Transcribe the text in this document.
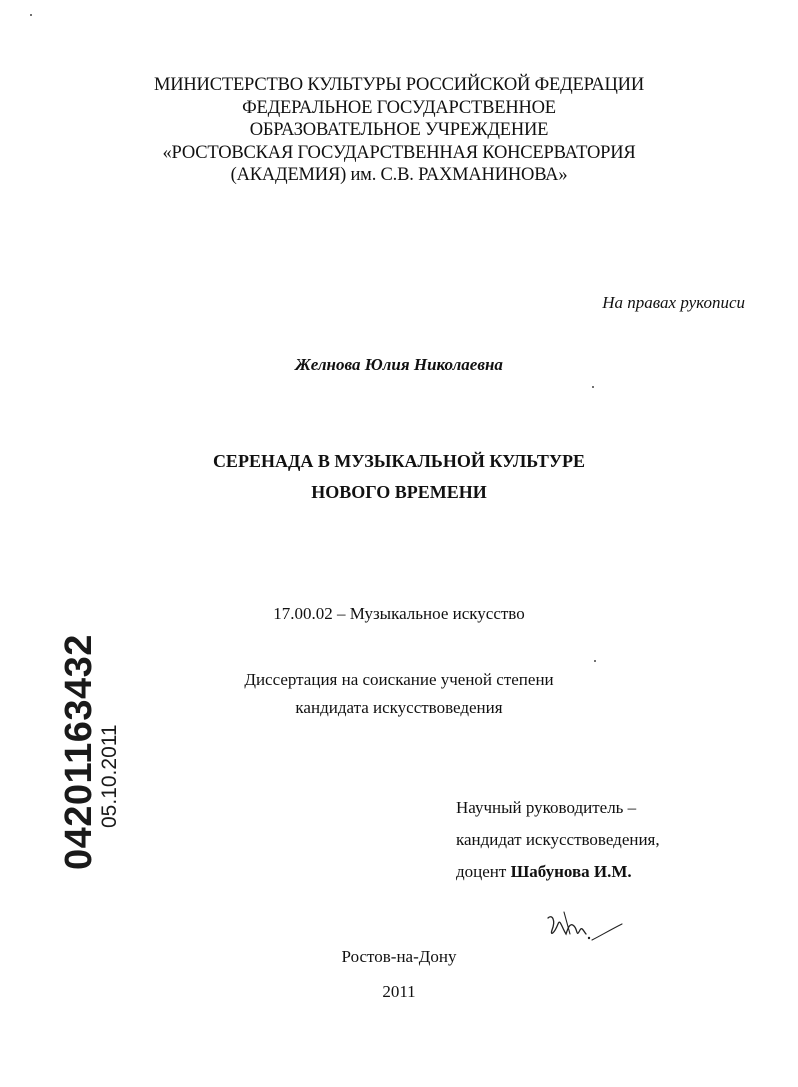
МИНИСТЕРСТВО КУЛЬТУРЫ РОССИЙСКОЙ ФЕДЕРАЦИИ
ФЕДЕРАЛЬНОЕ ГОСУДАРСТВЕННОЕ
ОБРАЗОВАТЕЛЬНОЕ УЧРЕЖДЕНИЕ
«РОСТОВСКАЯ ГОСУДАРСТВЕННАЯ КОНСЕРВАТОРИЯ
(АКАДЕМИЯ) им. С.В. РАХМАНИНОВА»
На правах рукописи
Желнова Юлия Николаевна
СЕРЕНАДА В МУЗЫКАЛЬНОЙ КУЛЬТУРЕ
НОВОГО ВРЕМЕНИ
17.00.02 – Музыкальное искусство
Диссертация на соискание ученой степени
кандидата искусствоведения
Научный руководитель –
кандидат искусствоведения,
доцент Шабунова И.М.
Ростов-на-Дону
2011
04201163432
05.10.2011
